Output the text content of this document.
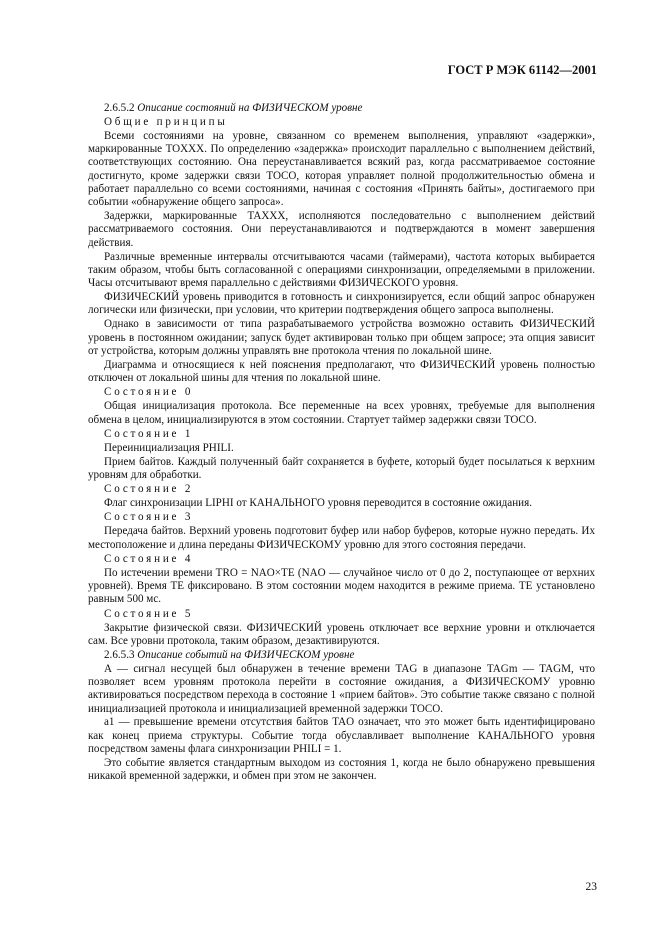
ГОСТ Р МЭК 61142—2001

2.6.5.2 Описание состояний на ФИЗИЧЕСКОМ уровне

Общие принципы

Всеми состояниями на уровне, связанном со временем выполнения, управляют «задержки», маркированные TOXXX. По определению «задержка» происходит параллельно с выполнением действий, соответствующих состоянию. Она переустанавливается всякий раз, когда рассматриваемое состояние достигнуто, кроме задержки связи TOCO, которая управляет полной продолжительностью обмена и работает параллельно со всеми состояниями, начиная с состояния «Принять байты», достигаемого при событии «обнаружение общего запроса».

Задержки, маркированные TAXXX, исполняются последовательно с выполнением действий рассматриваемого состояния. Они переустанавливаются и подтверждаются в момент завершения действия.

Различные временные интервалы отсчитываются часами (таймерами), частота которых выбирается таким образом, чтобы быть согласованной с операциями синхронизации, определяемыми в приложении. Часы отсчитывают время параллельно с действиями ФИЗИЧЕСКОГО уровня.

ФИЗИЧЕСКИЙ уровень приводится в готовность и синхронизируется, если общий запрос обнаружен логически или физически, при условии, что критерии подтверждения общего запроса выполнены.

Однако в зависимости от типа разрабатываемого устройства возможно оставить ФИЗИЧЕСКИЙ уровень в постоянном ожидании; запуск будет активирован только при общем запросе; эта опция зависит от устройства, которым должны управлять вне протокола чтения по локальной шине.

Диаграмма и относящиеся к ней пояснения предполагают, что ФИЗИЧЕСКИЙ уровень полностью отключен от локальной шины для чтения по локальной шине.

Состояние 0

Общая инициализация протокола. Все переменные на всех уровнях, требуемые для выполнения обмена в целом, инициализируются в этом состоянии. Стартует таймер задержки связи TOCO.

Состояние 1

Переинициализация PHILI.

Прием байтов. Каждый полученный байт сохраняется в буфете, который будет посылаться к верхним уровням для обработки.

Состояние 2

Флаг синхронизации LIPHI от КАНАЛЬНОГО уровня переводится в состояние ожидания.

Состояние 3

Передача байтов. Верхний уровень подготовит буфер или набор буферов, которые нужно передать. Их местоположение и длина переданы ФИЗИЧЕСКОМУ уровню для этого состояния передачи.

Состояние 4

По истечении времени TRO = NAO×TE (NAO — случайное число от 0 до 2, поступающее от верхних уровней). Время TE фиксировано. В этом состоянии модем находится в режиме приема. TE установлено равным 500 мс.

Состояние 5

Закрытие физической связи. ФИЗИЧЕСКИЙ уровень отключает все верхние уровни и отключается сам. Все уровни протокола, таким образом, дезактивируются.

2.6.5.3 Описание событий на ФИЗИЧЕСКОМ уровне

A — сигнал несущей был обнаружен в течение времени TAG в диапазоне TAGm — TAGM, что позволяет всем уровням протокола перейти в состояние ожидания, а ФИЗИЧЕСКОМУ уровню активироваться посредством перехода в состояние 1 «прием байтов». Это событие также связано с полной инициализацией протокола и инициализацией временной задержки TOCO.

a1 — превышение времени отсутствия байтов TAO означает, что это может быть идентифицировано как конец приема структуры. Событие тогда обуславливает выполнение КАНАЛЬНОГО уровня посредством замены флага синхронизации PHILI = 1.

Это событие является стандартным выходом из состояния 1, когда не было обнаружено превышения никакой временной задержки, и обмен при этом не закончен.

23
